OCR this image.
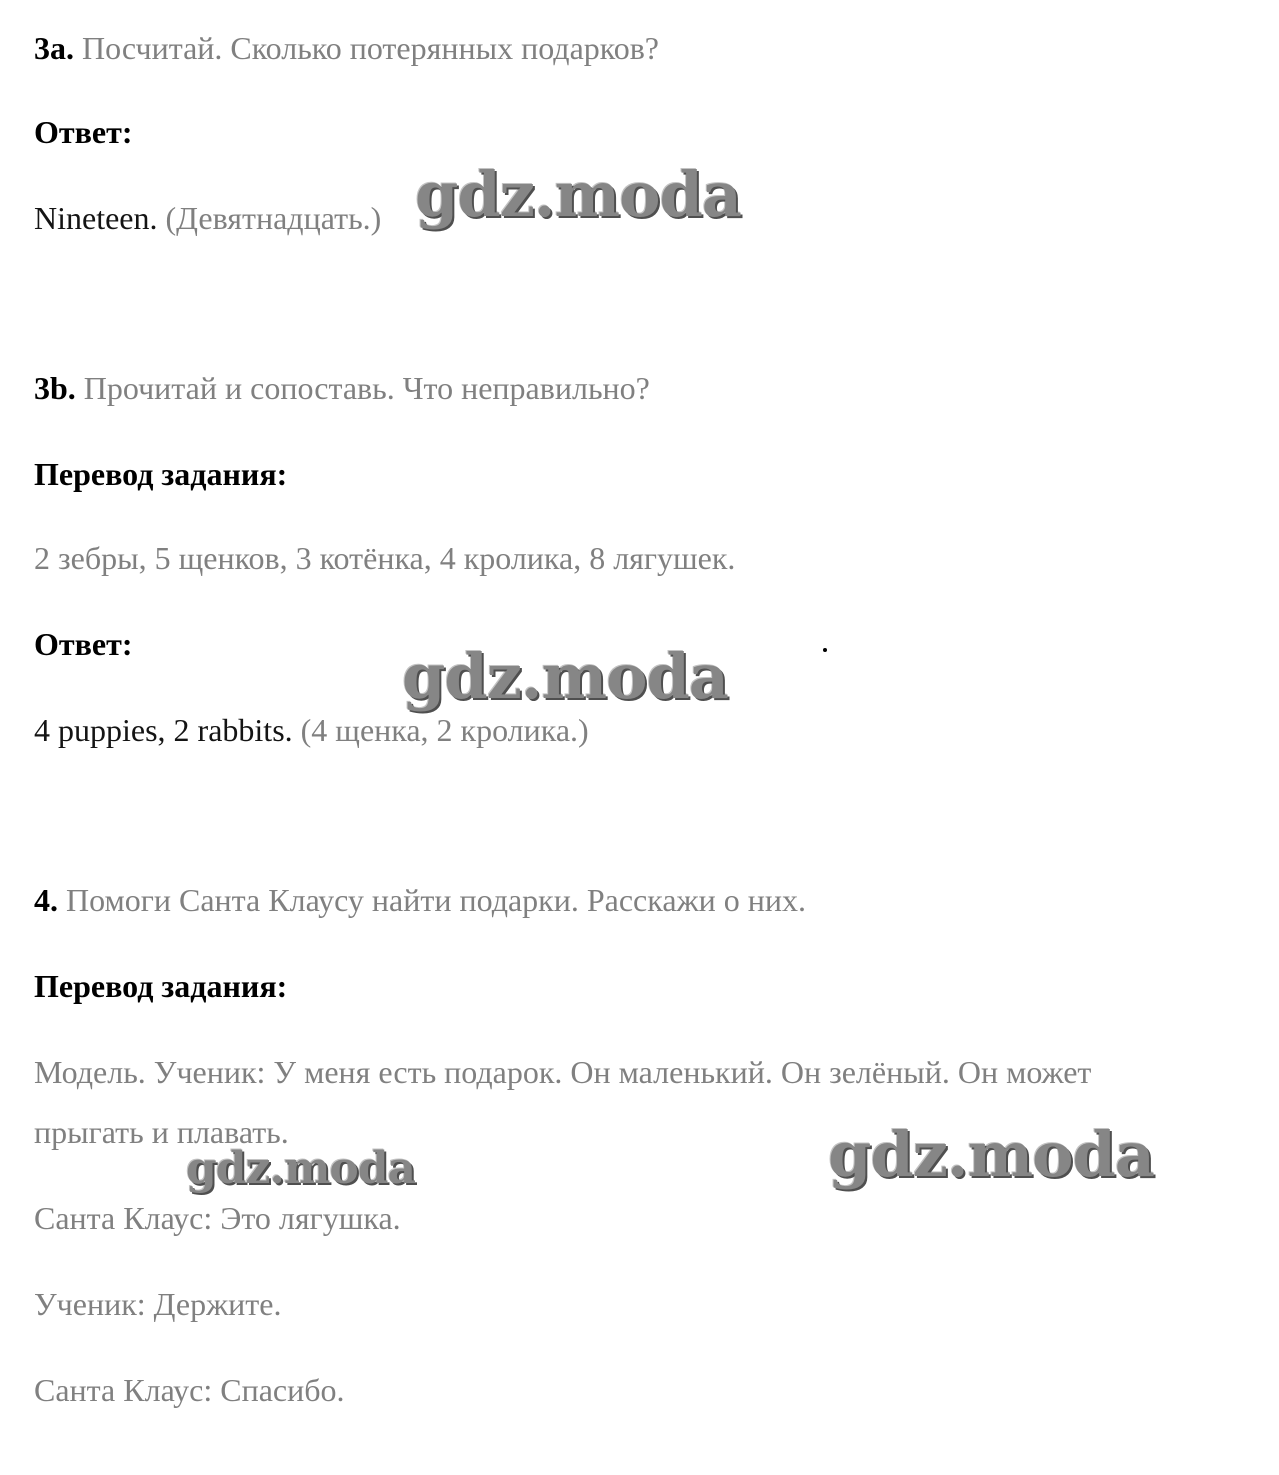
3a. Посчитай. Сколько потерянных подарков?
Ответ:
Nineteen. (Девятнадцать.)
3b. Прочитай и сопоставь. Что неправильно?
Перевод задания:
2 зебры, 5 щенков, 3 котёнка, 4 кролика, 8 лягушек.
Ответ:
4 puppies, 2 rabbits. (4 щенка, 2 кролика.)
4. Помоги Санта Клаусу найти подарки. Расскажи о них.
Перевод задания:
Модель. Ученик: У меня есть подарок. Он маленький. Он зелёный. Он может
прыгать и плавать.
Санта Клаус: Это лягушка.
Ученик: Держите.
Санта Клаус: Спасибо.
gdz.moda
gdz.moda
gdz.moda	gdz.moda
